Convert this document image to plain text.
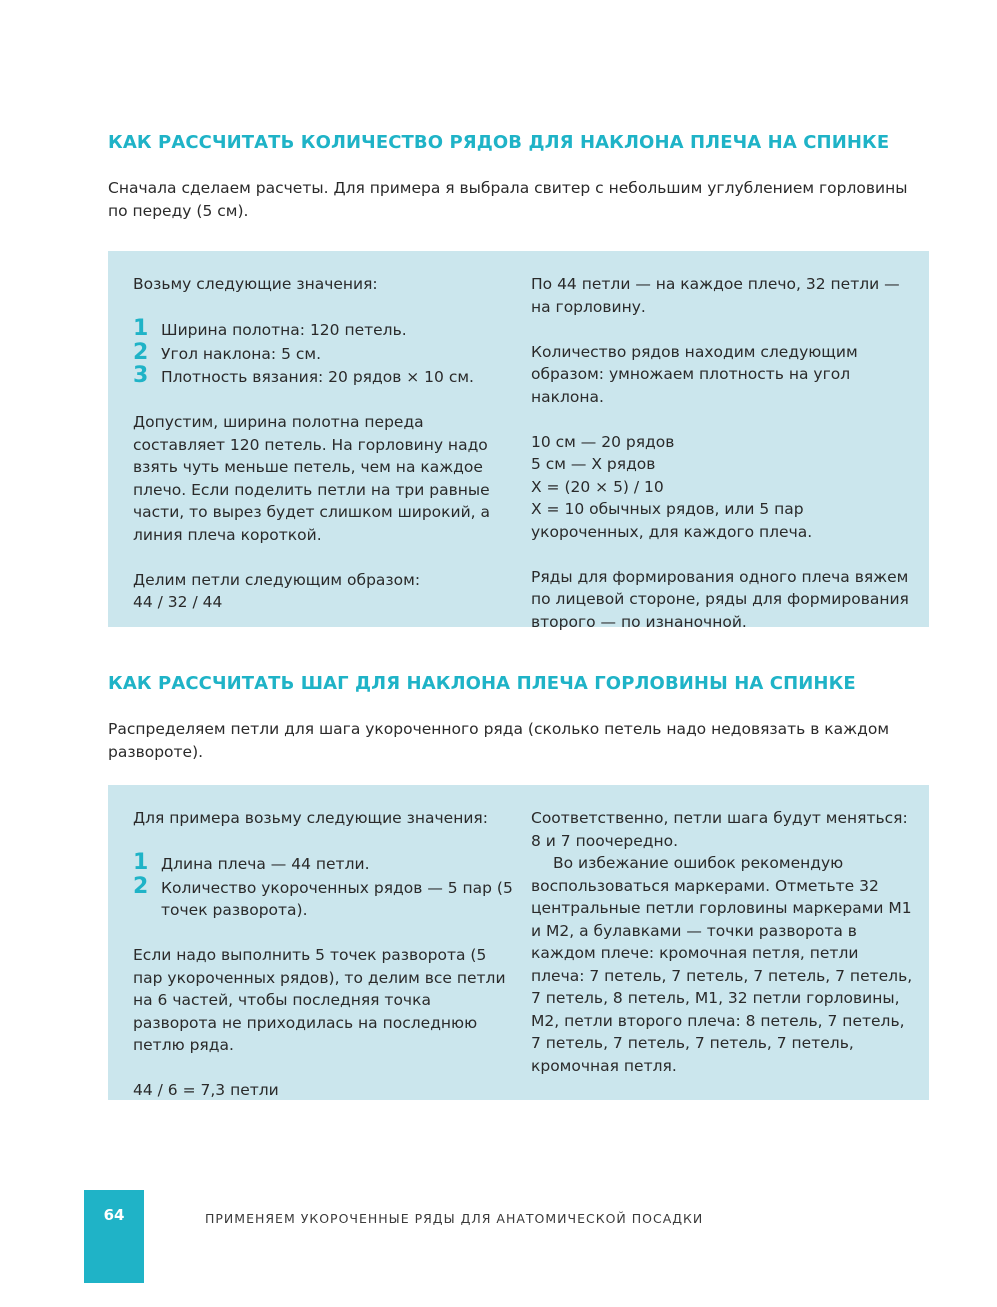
КАК РАССЧИТАТЬ КОЛИЧЕСТВО РЯДОВ ДЛЯ НАКЛОНА ПЛЕЧА НА СПИНКЕ

Сначала сделаем расчеты. Для примера я выбрала свитер с небольшим углублением горловины по переду (5 см).

Возьму следующие значения:

1 Ширина полотна: 120 петель.
2 Угол наклона: 5 см.
3 Плотность вязания: 20 рядов × 10 см.

Допустим, ширина полотна переда составляет 120 петель. На горловину надо взять чуть меньше петель, чем на каждое плечо. Если поделить петли на три равные части, то вырез будет слишком широкий, а линия плеча короткой.

Делим петли следующим образом:

44 / 32 / 44

По 44 петли — на каждое плечо, 32 петли — на горловину.

Количество рядов находим следующим образом: умножаем плотность на угол наклона.

10 см — 20 рядов

5 см — X рядов

X = (20 × 5) / 10

X = 10 обычных рядов, или 5 пар укороченных, для каждого плеча.

Ряды для формирования одного плеча вяжем по лицевой стороне, ряды для формирования второго — по изнаночной.

КАК РАССЧИТАТЬ ШАГ ДЛЯ НАКЛОНА ПЛЕЧА ГОРЛОВИНЫ НА СПИНКЕ

Распределяем петли для шага укороченного ряда (сколько петель надо недовязать в каждом развороте).

Для примера возьму следующие значения:

1 Длина плеча — 44 петли.
2 Количество укороченных рядов — 5 пар (5 точек разворота).

Если надо выполнить 5 точек разворота (5 пар укороченных рядов), то делим все петли на 6 частей, чтобы последняя точка разворота не приходилась на последнюю петлю ряда.

44 / 6 = 7,3 петли

Соответственно, петли шага будут меняться: 8 и 7 поочередно.

Во избежание ошибок рекомендую воспользоваться маркерами. Отметьте 32 центральные петли горловины маркерами М1 и М2, а булавками — точки разворота в каждом плече: кромочная петля, петли плеча: 7 петель, 7 петель, 7 петель, 7 петель, 7 петель, 8 петель, М1, 32 петли горловины, М2, петли второго плеча: 8 петель, 7 петель, 7 петель, 7 петель, 7 петель, 7 петель, кромочная петля.

64	ПРИМЕНЯЕМ УКОРОЧЕННЫЕ РЯДЫ ДЛЯ АНАТОМИЧЕСКОЙ ПОСАДКИ
